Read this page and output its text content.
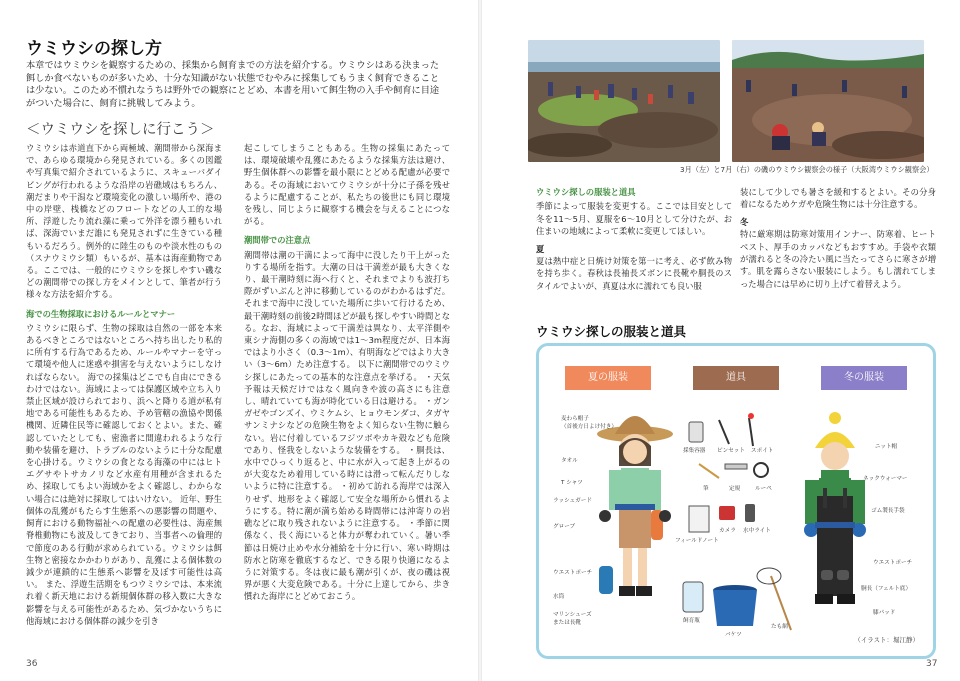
ウミウシの探し方

本章ではウミウシを観察するための、採集から飼育までの方法を紹介する。ウミウシはある決まった餌しか食べないものが多いため、十分な知識がない状態でむやみに採集してもうまく飼育できることは少ない。このため不慣れなうちは野外での観察にとどめ、本書を用いて餌生物の入手や飼育に目途がついた場合に、飼育に挑戦してみよう。

＜ウミウシを探しに行こう＞
ウミウシは赤道直下から両極域、潮間帯から深海まで、あらゆる環境から発見されている。多くの図鑑や写真集で紹介されているように、スキューバダイビングが行われるような沿岸の岩礁域はもちろん、潮だまりや干潟など環境変化の激しい場所や、港の中の岸壁、桟橋などのフロートなどの人工的な場所、浮遊したり流れ藻に乗って外洋を漂う種もいれば、深海でいまだ誰にも発見されずに生きている種もいるだろう。例外的に陸生のものや淡水性のもの（スナウミウシ類）もいるが、基本は海産動物である。ここでは、一般的にウミウシを探しやすい磯などの潮間帯での探し方をメインとして、筆者が行う様々な方法を紹介する。
海での生物採取におけるルールとマナー
ウミウシに限らず、生物の採取は自然の一部を本来あるべきところではないところへ持ち出したり私的に所有する行為であるため、ルールやマナーを守って環境や他人に迷惑や損害を与えないようにしなければならない。 海での採集はどこでも自由にできるわけではない。海域によっては保護区域や立ち入り禁止区域が設けられており、浜へと降りる道が私有地である可能性もあるため、予め管轄の漁協や関係機関、近隣住民等に確認しておくとよい。また、確認していたとしても、密漁者に間違われるような行動や装備を避け、トラブルのないように十分な配慮を心掛ける。ウミウシの食となる海藻の中にはヒトエグサやトサカノリなど水産有用種が含まれるため、採取してもよい海域かをよく確認し、わからない場合には絶対に採取してはいけない。 近年、野生個体の乱獲がもたらす生態系への悪影響の問題や、飼育における動物福祉への配慮の必要性は、海産無脊椎動物にも波及してきており、当事者への倫理的で節度のある行動が求められている。ウミウシは餌生物と密接なかかわりがあり、乱獲による個体数の減少が連鎖的に生態系へ影響を及ぼす可能性は高い。 また、浮遊生活期をもつウミウシでは、本来流れ着く新天地における新規個体群の移入数に大きな影響を与える可能性があるため、気づかないうちに他海域における個体群の減少を引き
起こしてしまうこともある。生物の採集にあたっては、環境破壊や乱獲にあたるような採集方法は避け、野生個体群への影響を最小限にとどめる配慮が必要である。その海域においてウミウシが十分に子孫を残せるように配慮することが、私たちの後世にも同じ環境を残し、同じように観察する機会を与えることにつながる。
潮間帯での注意点
潮間帯は潮の干満によって海中に没したり干上がったりする場所を指す。大潮の日は干満差が最も大きくなり、最干潮時刻に海へ行くと、それまでよりも波打ち際がずいぶんと沖に移動しているのがわかるはずだ。それまで海中に没していた場所に歩いて行けるため、最干潮時刻の前後2時間ほどが最も探しやすい時間となる。なお、海域によって干満差は異なり、太平洋側や東シナ海側の多くの海域では1〜3m程度だが、日本海ではより小さく（0.3〜1m）、有明海などではより大きい（3〜6m）ため注意する。 以下に潮間帯でのウミウシ探しにあたっての基本的な注意点を挙げる。 ・天気予報は天候だけではなく風向きや波の高さにも注意し、晴れていても海が時化ている日は避ける。 ・ガンガゼやゴンズイ、ウミケムシ、ヒョウモンダコ、タガヤサンミナシなどの危険生物をよく知らない生物に触らない。岩に付着しているフジツボやカキ殻なども危険であり、怪我をしないような装備をする。 ・胴長は、水中でひっくり返ると、中に水が入って起き上がるのが大変なため着用している時には滑って転んだりしないように特に注意する。 ・初めて訪れる海岸では深入りせず、地形をよく確認して安全な場所から慣れるようにする。特に潮が満ち始める時間帯には沖寄りの岩礁などに取り残されないように注意する。 ・季節に関係なく、長く海にいると体力が奪われていく。暑い季節は日焼け止めや水分補給を十分に行い、寒い時期は防水と防寒を徹底するなど、できる限り快適になるように対策する。冬は夜に最も潮が引くが、夜の磯は視界が悪く大変危険である。十分に上達してから、歩き慣れた海岸にとどめておこう。
36
3月（左）と7月（右）の磯のウミウシ観察会の様子（大阪湾ウミウシ観察会）
ウミウシ探しの服装と道具
季節によって服装を変更する。ここでは目安として冬を11〜5月、夏服を6〜10月として分けたが、お住まいの地域によって柔軟に変更してほしい。
夏
夏は熱中症と日焼け対策を第一に考え、必ず飲み物を持ち歩く。春秋は長袖長ズボンに長靴や胴長のスタイルでよいが、真夏は水に濡れても良い服
装にして少しでも暑さを緩和するとよい。その分身着になるためケガや危険生物には十分注意する。
冬
特に厳寒期は防寒対策用インナー、防寒着、ヒートベスト、厚手のカッパなどもおすすめ。手袋や衣類が濡れると冬の冷たい風に当たってさらに寒さが増す。肌を露らさない服装にしよう。もし濡れてしまった場合には早めに切り上げて着替えよう。
ウミウシ探しの服装と道具
夏の服装	道具	冬の服装
麦わら帽子
（首後方日よけ付き）
タオル
T シャツ
ラッシュガード
グローブ
ウエストポーチ
水筒
マリンシューズ
または長靴
採集容器 ピンセット スポイト
筆	定規	ルーペ
カメラ 水中ライト
フィールドノート
飼育瓶
バケツ
たも網
ニット帽
ネックウォーマー
ゴム製長手袋
ウエストポーチ
胴長（フェルト底）
膝パッド
（イラスト：堀江静）
37
